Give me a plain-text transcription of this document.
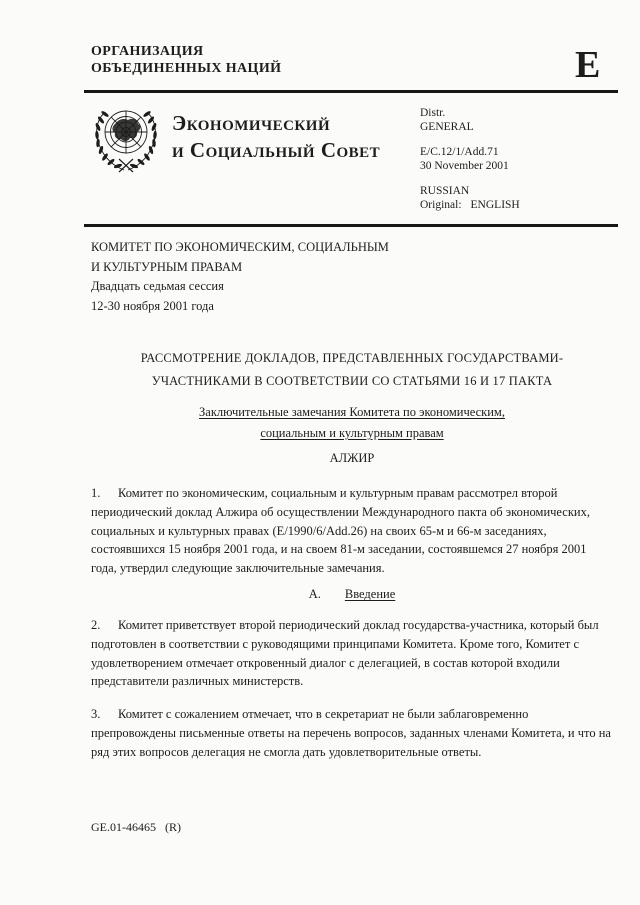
ОРГАНИЗАЦИЯ
ОБЪЕДИНЕННЫХ НАЦИЙ	E
Экономический
и Социальный Совет
Distr.
GENERAL
E/C.12/1/Add.71
30 November 2001
RUSSIAN
Original: ENGLISH
КОМИТЕТ ПО ЭКОНОМИЧЕСКИМ, СОЦИАЛЬНЫМ
И КУЛЬТУРНЫМ ПРАВАМ
Двадцать седьмая сессия
12-30 ноября 2001 года
РАССМОТРЕНИЕ ДОКЛАДОВ, ПРЕДСТАВЛЕННЫХ ГОСУДАРСТВАМИ-
УЧАСТНИКАМИ В СООТВЕТСТВИИ СО СТАТЬЯМИ 16 И 17 ПАКТА
Заключительные замечания Комитета по экономическим,
социальным и культурным правам
АЛЖИР

1. Комитет по экономическим, социальным и культурным правам рассмотрел второй периодический доклад Алжира об осуществлении Международного пакта об экономических, социальных и культурных правах (E/1990/6/Add.26) на своих 65-м и 66-м заседаниях, состоявшихся 15 ноября 2001 года, и на своем 81-м заседании, состоявшемся 27 ноября 2001 года, утвердил следующие заключительные замечания.

A. Введение

2. Комитет приветствует второй периодический доклад государства-участника, который был подготовлен в соответствии с руководящими принципами Комитета. Кроме того, Комитет с удовлетворением отмечает откровенный диалог с делегацией, в состав которой входили представители различных министерств.

3. Комитет с сожалением отмечает, что в секретариат не были заблаговременно препровождены письменные ответы на перечень вопросов, заданных членами Комитета, и что на ряд этих вопросов делегация не смогла дать удовлетворительные ответы.

GE.01-46465   (R)
